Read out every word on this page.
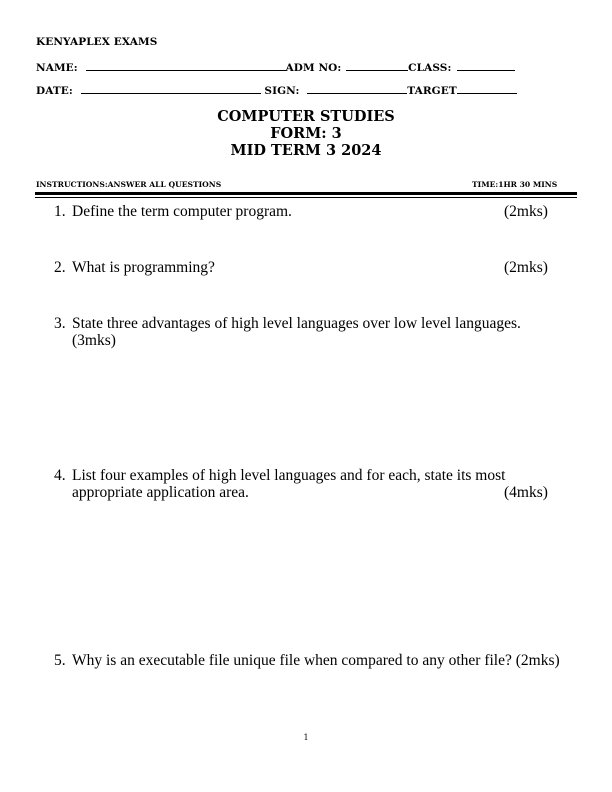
KENYAPLEX EXAMS
NAME:	ADM NO:	CLASS:
DATE:	SIGN:	TARGET
COMPUTER STUDIES
FORM: 3
MID TERM 3 2024
INSTRUCTIONS:ANSWER ALL QUESTIONS	TIME:1HR 30 MINS
1. Define the term computer program.	(2mks)
2. What is programming?	(2mks)
3. State three advantages of high level languages over low level languages.
(3mks)
4. List four examples of high level languages and for each, state its most appropriate application area.	(4mks)
5. Why is an executable file unique file when compared to any other file? (2mks)
1
